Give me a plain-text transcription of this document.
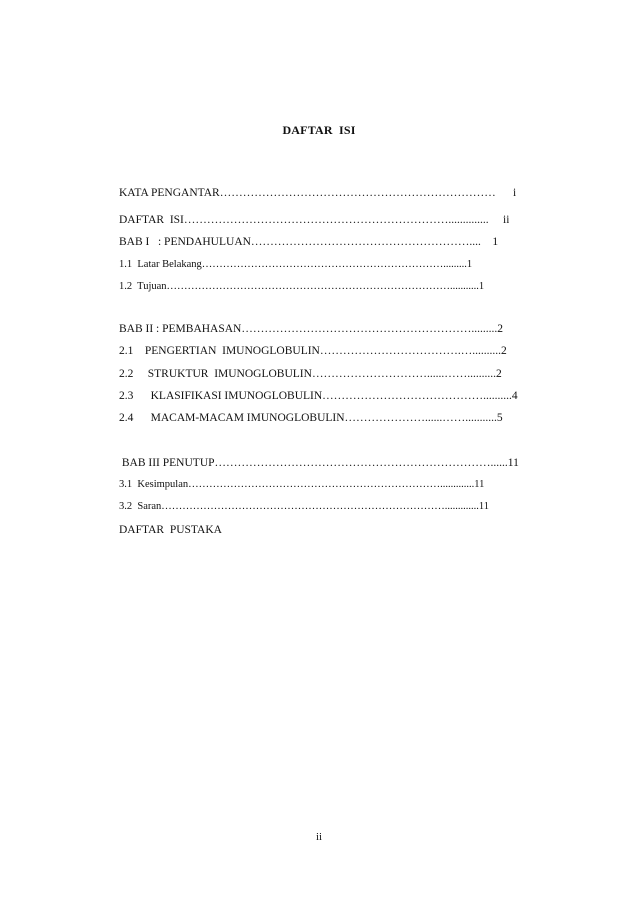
DAFTAR ISI
KATA PENGANTAR………………………………………………………………      i
DAFTAR  ISI……………………………………………………………..............     ii
BAB I   : PENDAHULUAN…………………………………………………....    1
1.1  Latar Belakang…………………………………………………………….........1
1.2  Tujuan………………………………………………………………………...........1
BAB II : PEMBAHASAN…………………………………………………….........2
2.1    PENGERTIAN  IMUNOGLOBULIN……………………………….…..........2
2.2     STRUKTUR  IMUNOGLOBULIN…………………………......……..........2
2.3      KLASIFIKASI IMUNOGLOBULIN……………………………………..........4
2.4      MACAM-MACAM IMUNOGLOBULIN…………………......……...........5
BAB III PENUTUP………………………………………………………………......11
3.1  Kesimpulan……………………………………………………………….............11
3.2  Saran……………………………………………………………………….............11
DAFTAR  PUSTAKA
ii
